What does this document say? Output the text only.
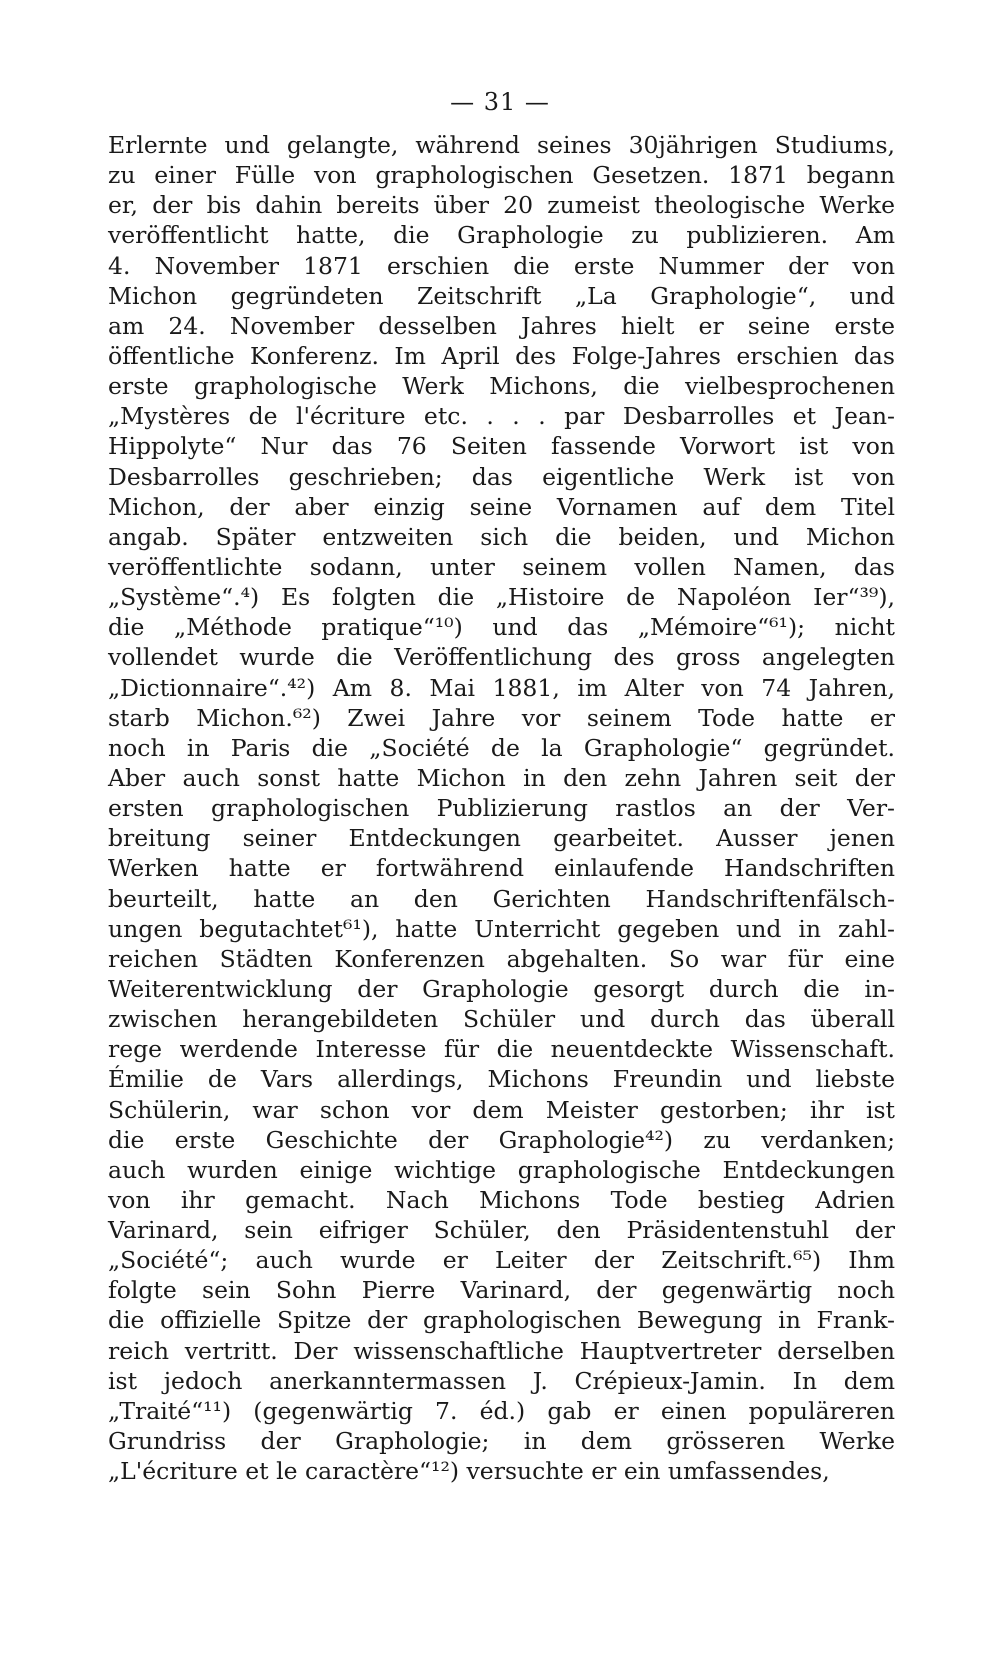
— 31 —
Erlernte und gelangte, während seines 30jährigen Studiums,
zu einer Fülle von graphologischen Gesetzen. 1871 begann
er, der bis dahin bereits über 20 zumeist theologische Werke
veröffentlicht hatte, die Graphologie zu publizieren. Am
4. November 1871 erschien die erste Nummer der von
Michon gegründeten Zeitschrift „La Graphologie“, und
am 24. November desselben Jahres hielt er seine erste
öffentliche Konferenz. Im April des Folge-Jahres erschien das
erste graphologische Werk Michons, die vielbesprochenen
„Mystères de l'écriture etc. . . . par Desbarrolles et Jean-
Hippolyte“ Nur das 76 Seiten fassende Vorwort ist von
Desbarrolles geschrieben; das eigentliche Werk ist von
Michon, der aber einzig seine Vornamen auf dem Titel
angab. Später entzweiten sich die beiden, und Michon
veröffentlichte sodann, unter seinem vollen Namen, das
„Système“.⁴) Es folgten die „Histoire de Napoléon Ier“³⁹),
die „Méthode pratique“¹⁰) und das „Mémoire“⁶¹); nicht
vollendet wurde die Veröffentlichung des gross angelegten
„Dictionnaire“.⁴²) Am 8. Mai 1881, im Alter von 74 Jahren,
starb Michon.⁶²) Zwei Jahre vor seinem Tode hatte er
noch in Paris die „Société de la Graphologie“ gegründet.
Aber auch sonst hatte Michon in den zehn Jahren seit der
ersten graphologischen Publizierung rastlos an der Ver-
breitung seiner Entdeckungen gearbeitet. Ausser jenen
Werken hatte er fortwährend einlaufende Handschriften
beurteilt, hatte an den Gerichten Handschriftenfälsch-
ungen begutachtet⁶¹), hatte Unterricht gegeben und in zahl-
reichen Städten Konferenzen abgehalten. So war für eine
Weiterentwicklung der Graphologie gesorgt durch die in-
zwischen herangebildeten Schüler und durch das überall
rege werdende Interesse für die neuentdeckte Wissenschaft.
Émilie de Vars allerdings, Michons Freundin und liebste
Schülerin, war schon vor dem Meister gestorben; ihr ist
die erste Geschichte der Graphologie⁴²) zu verdanken;
auch wurden einige wichtige graphologische Entdeckungen
von ihr gemacht. Nach Michons Tode bestieg Adrien
Varinard, sein eifriger Schüler, den Präsidentenstuhl der
„Société“; auch wurde er Leiter der Zeitschrift.⁶⁵) Ihm
folgte sein Sohn Pierre Varinard, der gegenwärtig noch
die offizielle Spitze der graphologischen Bewegung in Frank-
reich vertritt. Der wissenschaftliche Hauptvertreter derselben
ist jedoch anerkanntermassen J. Crépieux-Jamin. In dem
„Traité“¹¹) (gegenwärtig 7. éd.) gab er einen populäreren
Grundriss der Graphologie; in dem grösseren Werke
„L'écriture et le caractère“¹²) versuchte er ein umfassendes,
